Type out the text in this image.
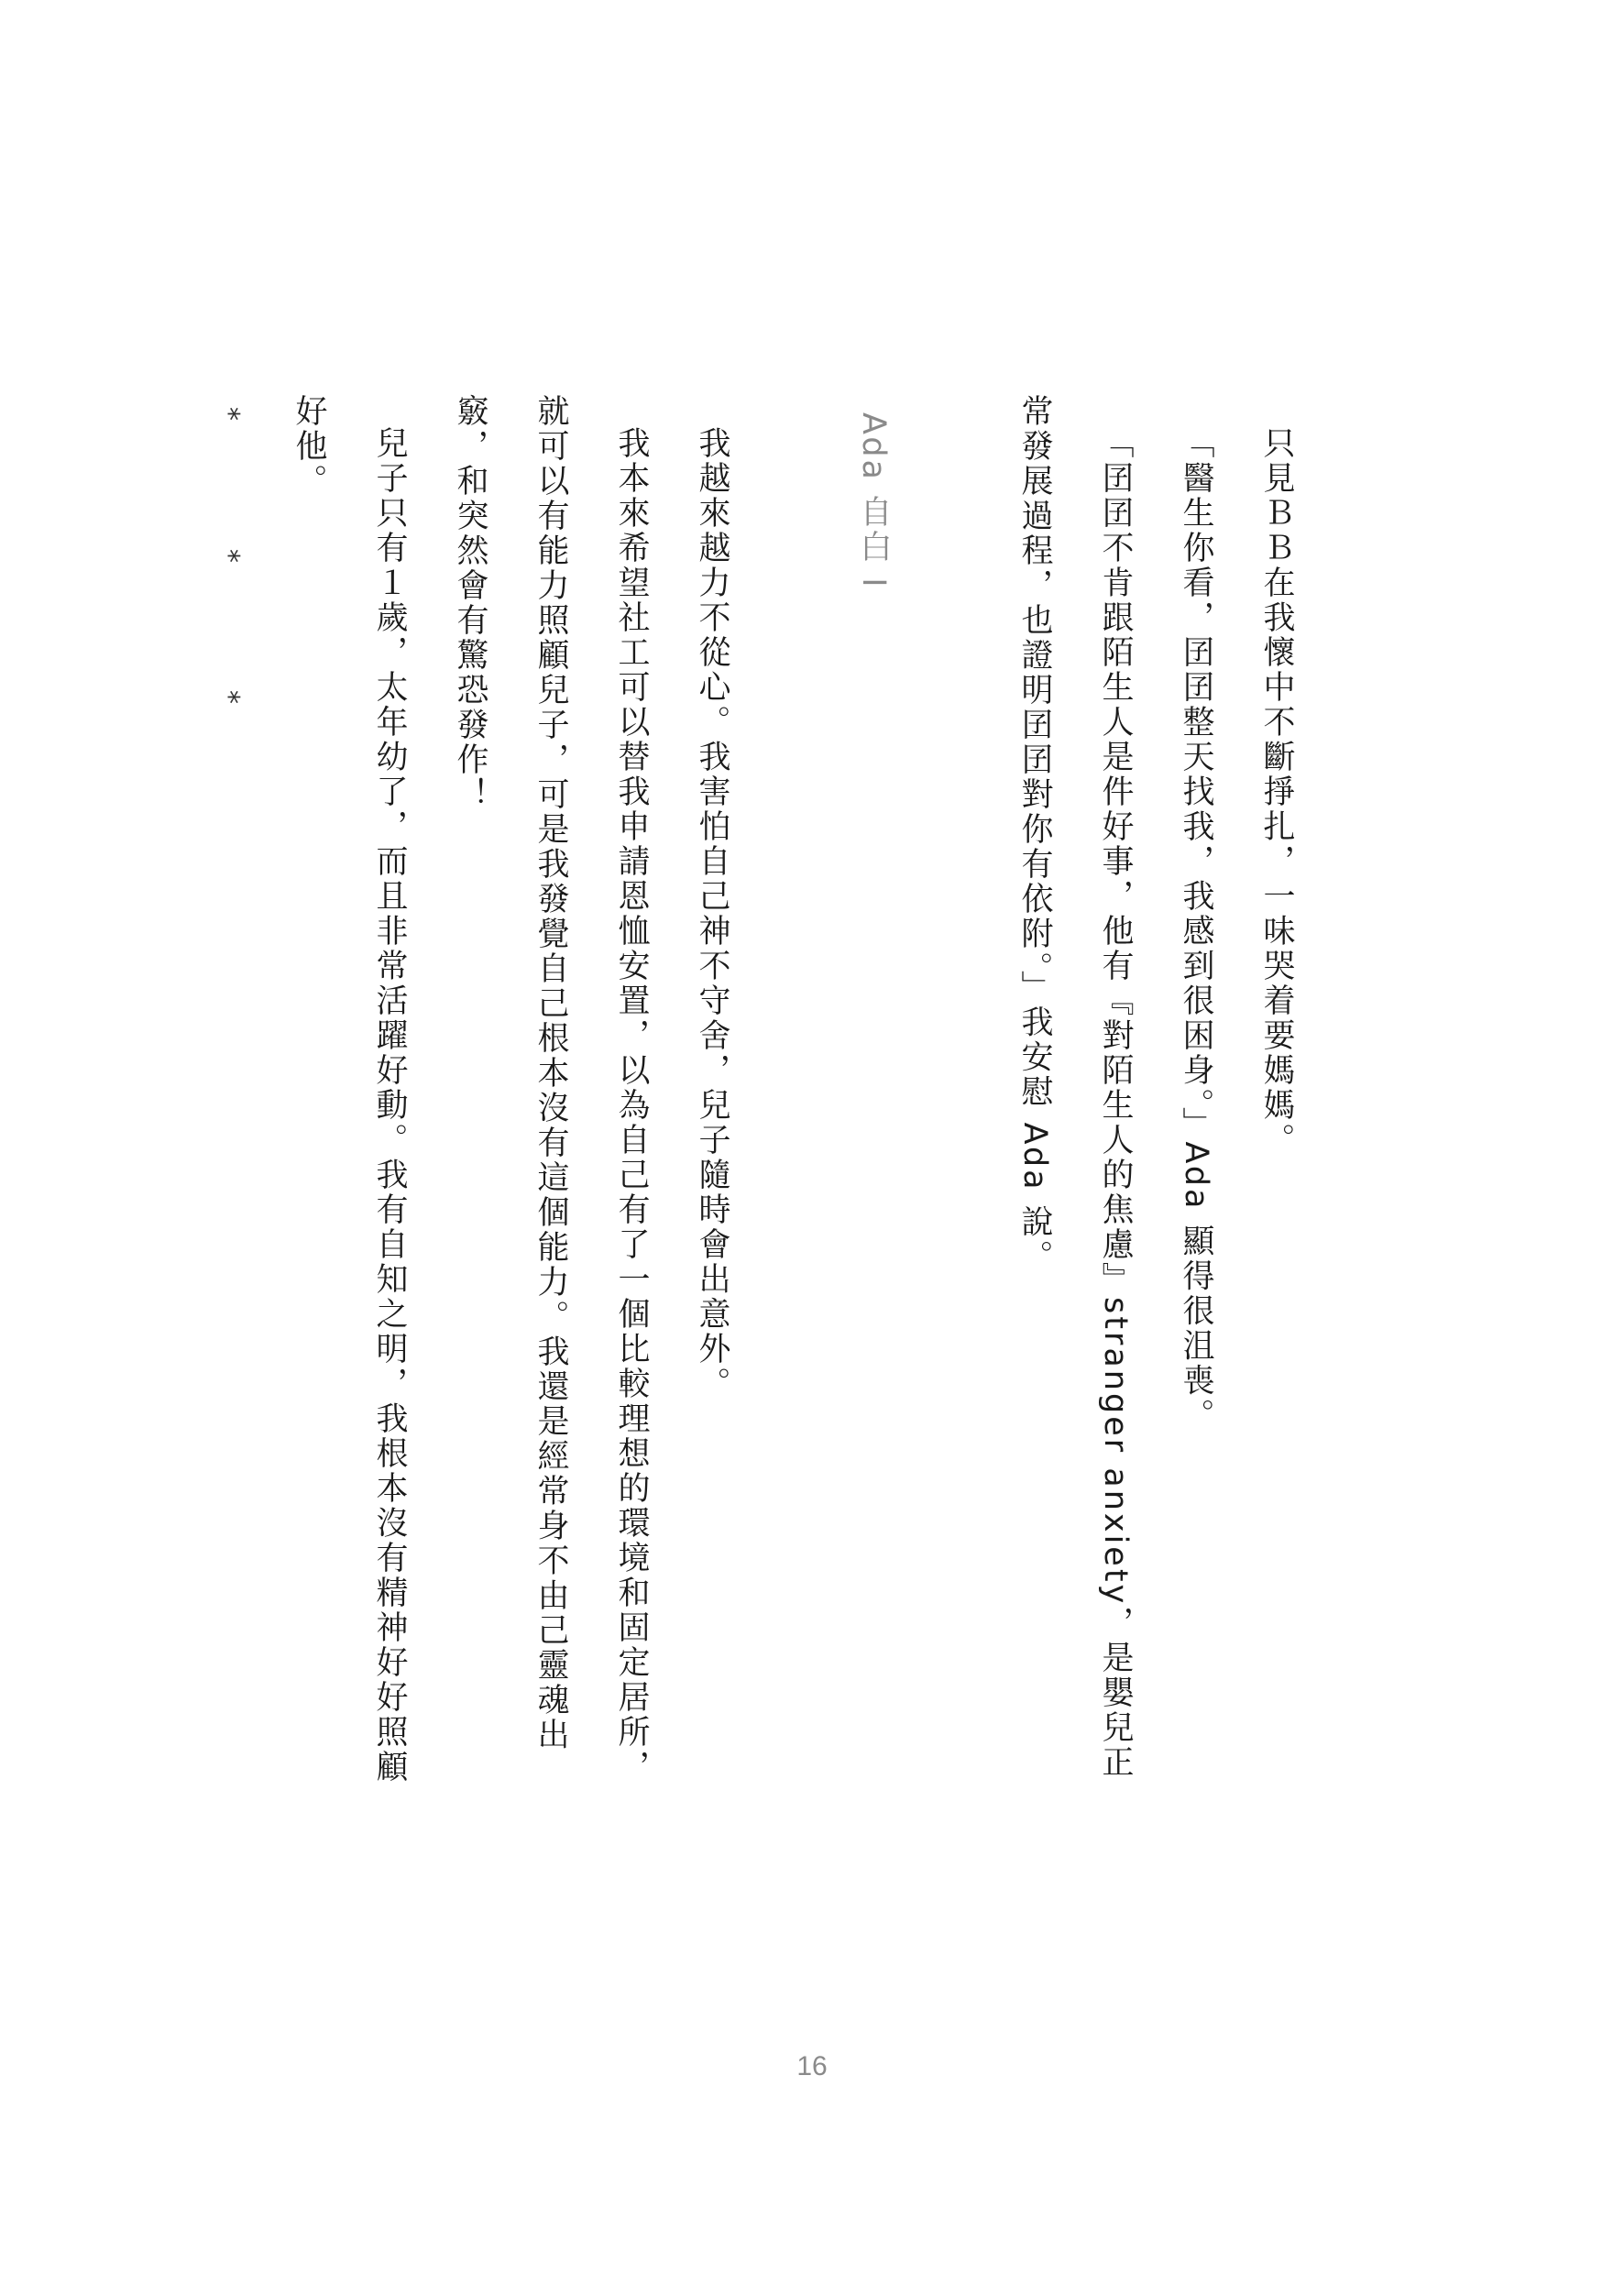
只見ＢＢ在我懷中不斷掙扎，一味哭着要媽媽。

「醫生你看，囝囝整天找我，我感到很困身。」Ada 顯得很沮喪。

「囝囝不肯跟陌生人是件好事，他有『對陌生人的焦慮』stranger anxiety，是嬰兒正常發展過程，也證明囝囝對你有依附。」我安慰 Ada 說。

Ada 自白 I

我越來越力不從心。我害怕自己神不守舍，兒子隨時會出意外。

我本來希望社工可以替我申請恩恤安置，以為自己有了一個比較理想的環境和固定居所，就可以有能力照顧兒子，可是我發覺自己根本沒有這個能力。我還是經常身不由己靈魂出竅，和突然會有驚恐發作！

兒子只有１歲，太年幼了，而且非常活躍好動。我有自知之明，我根本沒有精神好好照顧好他。

* * *

16
